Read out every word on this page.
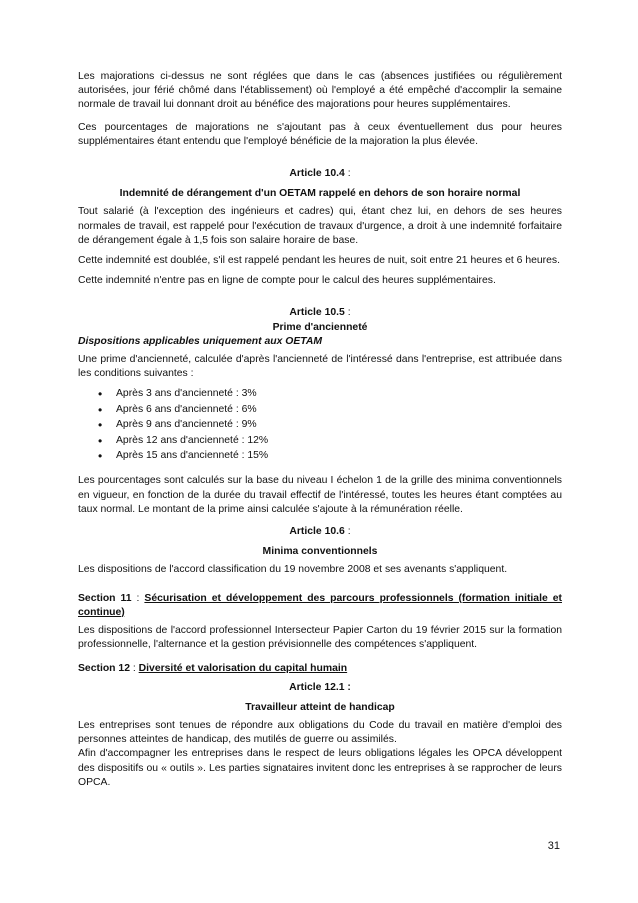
Les majorations ci-dessus ne sont réglées que dans le cas (absences justifiées ou régulièrement autorisées, jour férié chômé dans l'établissement) où l'employé a été empêché d'accomplir la semaine normale de travail lui donnant droit au bénéfice des majorations pour heures supplémentaires.

Ces pourcentages de majorations ne s'ajoutant pas à ceux éventuellement dus pour heures supplémentaires étant entendu que l'employé bénéficie de la majoration la plus élevée.

Article 10.4 :

Indemnité de dérangement d'un OETAM rappelé en dehors de son horaire normal

Tout salarié (à l'exception des ingénieurs et cadres) qui, étant chez lui, en dehors de ses heures normales de travail, est rappelé pour l'exécution de travaux d'urgence, a droit à une indemnité forfaitaire de dérangement égale à 1,5 fois son salaire horaire de base.

Cette indemnité est doublée, s'il est rappelé pendant les heures de nuit, soit entre 21 heures et 6 heures.

Cette indemnité n'entre pas en ligne de compte pour le calcul des heures supplémentaires.

Article 10.5 :

Prime d'ancienneté

Dispositions applicables uniquement aux OETAM

Une prime d'ancienneté, calculée d'après l'ancienneté de l'intéressé dans l'entreprise, est attribuée dans les conditions suivantes :

• Après 3 ans d'ancienneté : 3%
• Après 6 ans d'ancienneté : 6%
• Après 9 ans d'ancienneté : 9%
• Après 12 ans d'ancienneté : 12%
• Après 15 ans d'ancienneté : 15%

Les pourcentages sont calculés sur la base du niveau I échelon 1 de la grille des minima conventionnels en vigueur, en fonction de la durée du travail effectif de l'intéressé, toutes les heures étant comptées au taux normal. Le montant de la prime ainsi calculée s'ajoute à la rémunération réelle.

Article 10.6 :

Minima conventionnels

Les dispositions de l'accord classification du 19 novembre 2008 et ses avenants s'appliquent.

Section 11 : Sécurisation et développement des parcours professionnels (formation initiale et continue)

Les dispositions de l'accord professionnel Intersecteur Papier Carton du 19 février 2015 sur la formation professionnelle, l'alternance et la gestion prévisionnelle des compétences s'appliquent.

Section 12 : Diversité et valorisation du capital humain

Article 12.1 :

Travailleur atteint de handicap

Les entreprises sont tenues de répondre aux obligations du Code du travail en matière d'emploi des personnes atteintes de handicap, des mutilés de guerre ou assimilés.

Afin d'accompagner les entreprises dans le respect de leurs obligations légales les OPCA développent des dispositifs ou « outils ». Les parties signataires invitent donc les entreprises à se rapprocher de leurs OPCA.

31
